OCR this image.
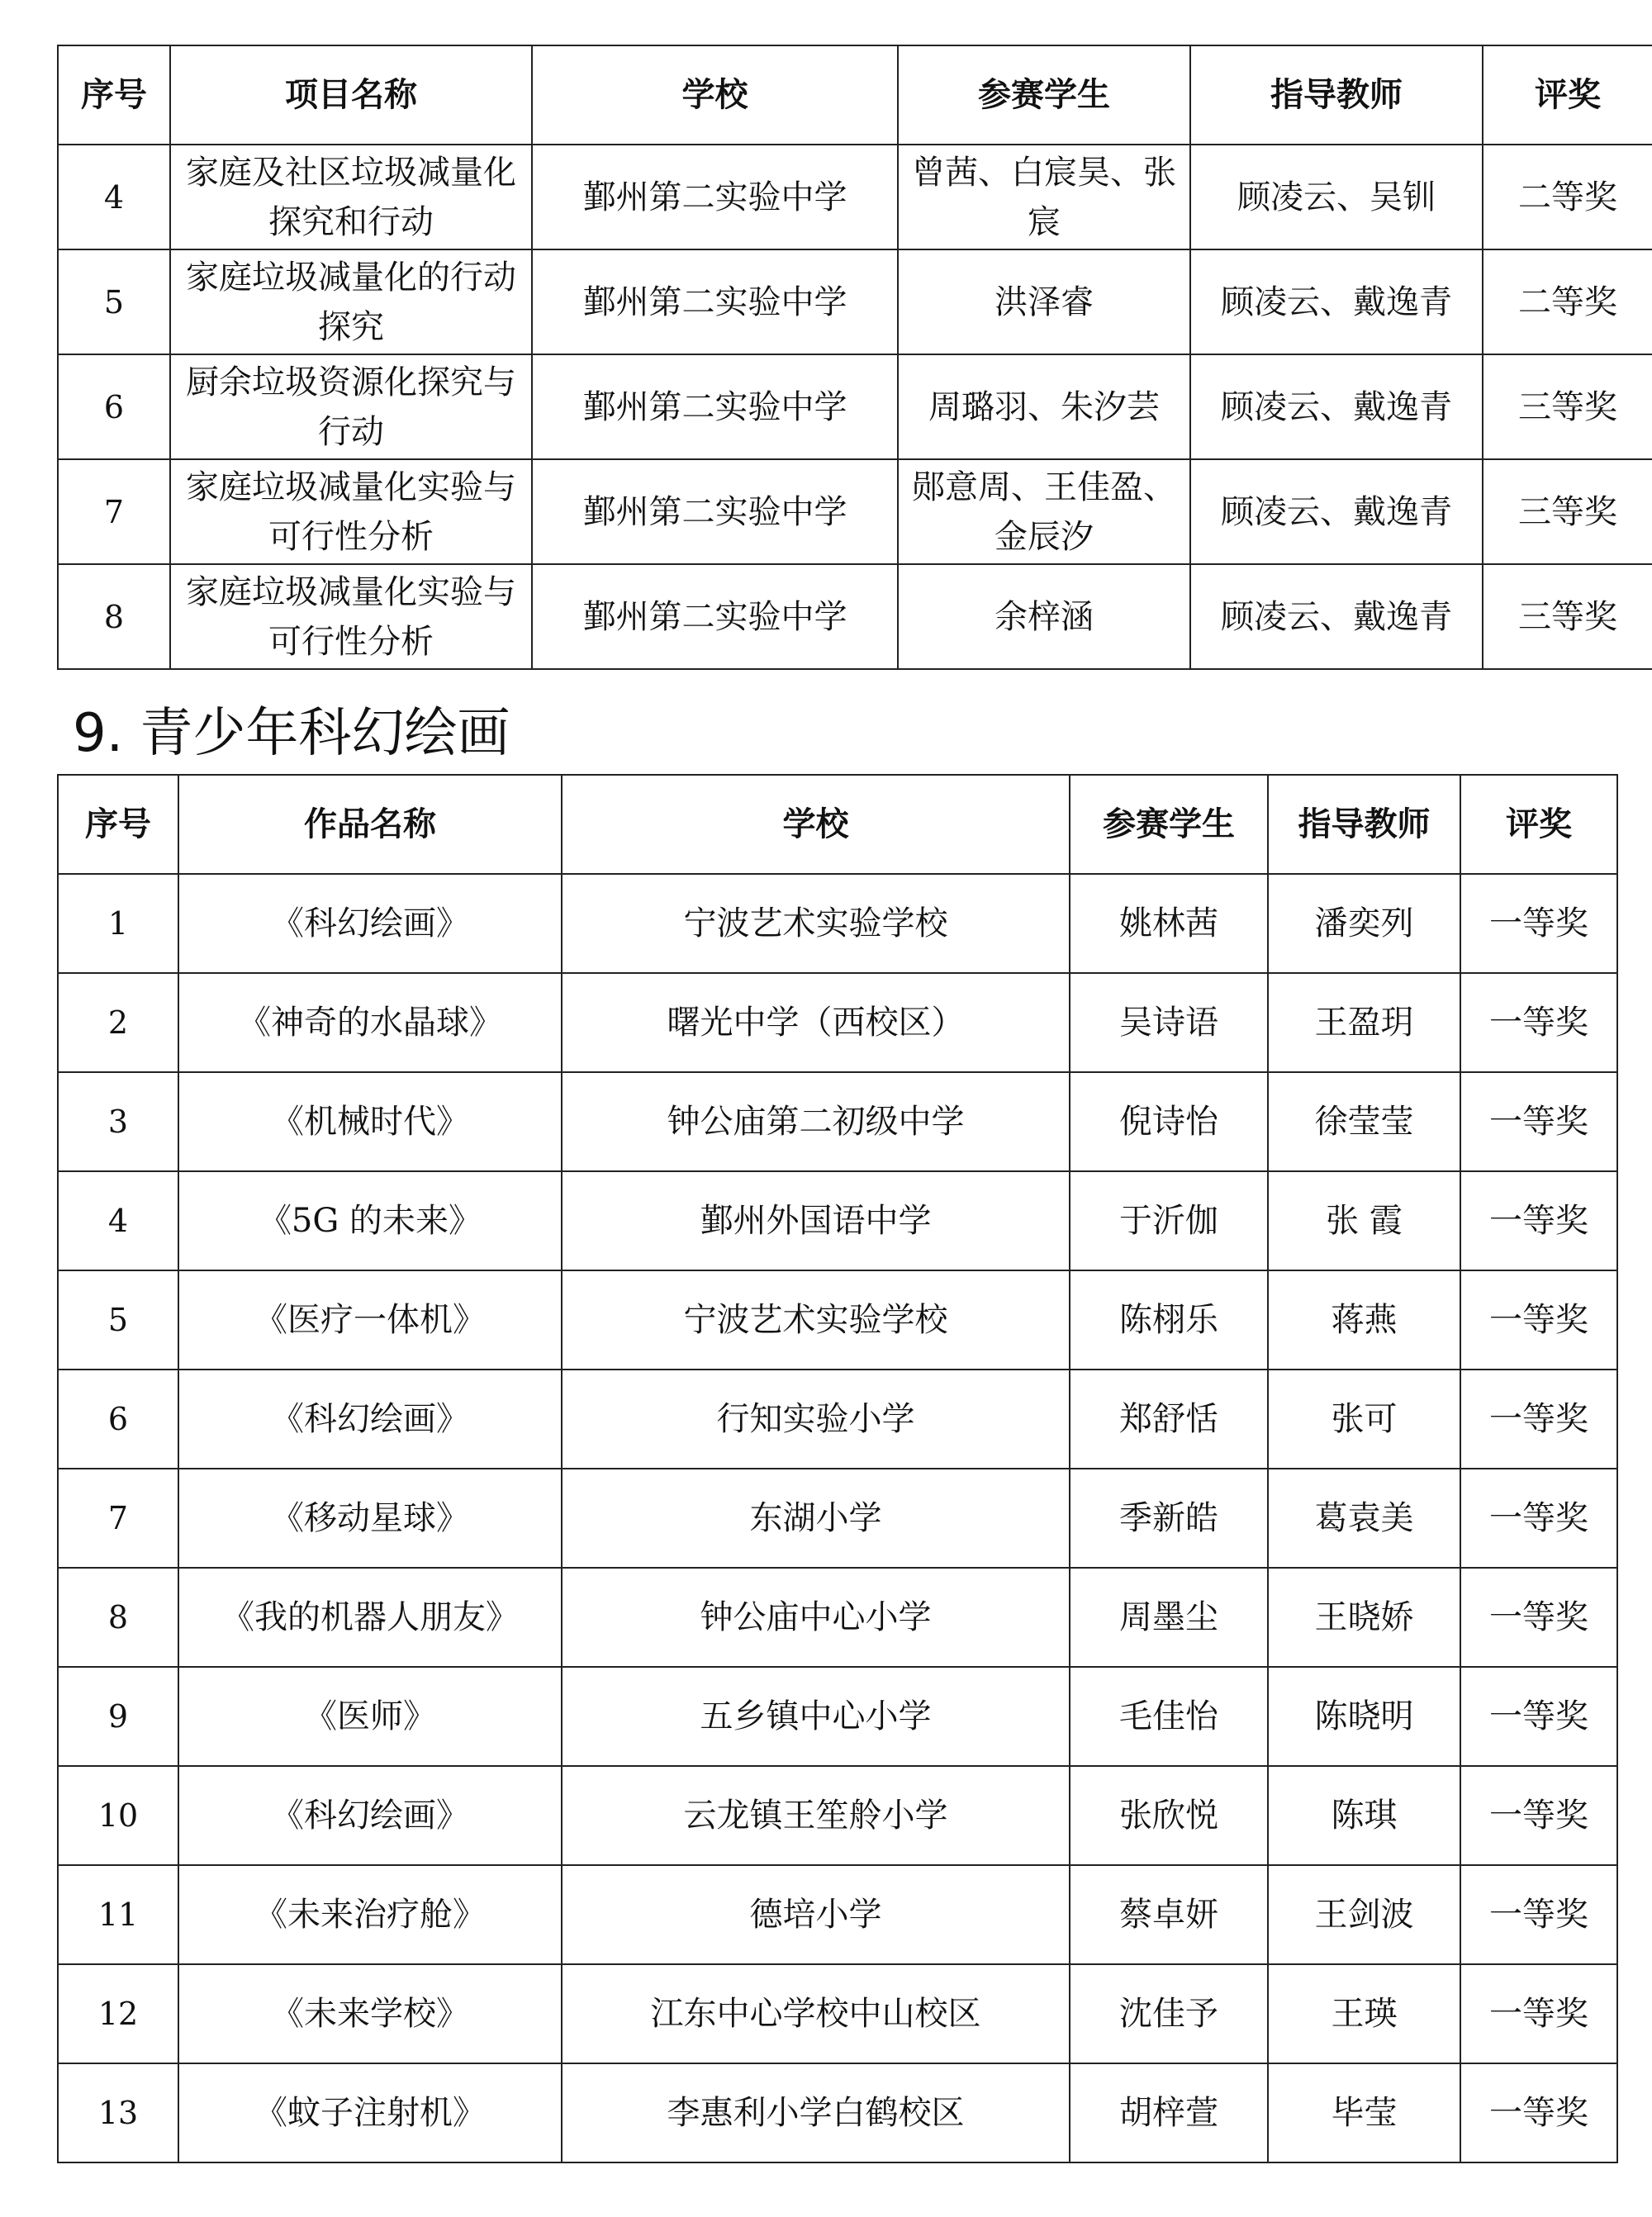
序号	项目名称	学校	参赛学生	指导教师	评奖
4	家庭及社区垃圾减量化探究和行动	鄞州第二实验中学	曾茜、白宸昊、张宸	顾凌云、吴钏	二等奖
5	家庭垃圾减量化的行动探究	鄞州第二实验中学	洪泽睿	顾凌云、戴逸青	二等奖
6	厨余垃圾资源化探究与行动	鄞州第二实验中学	周璐羽、朱汐芸	顾凌云、戴逸青	三等奖
7	家庭垃圾减量化实验与可行性分析	鄞州第二实验中学	郧意周、王佳盈、金辰汐	顾凌云、戴逸青	三等奖
8	家庭垃圾减量化实验与可行性分析	鄞州第二实验中学	余梓涵	顾凌云、戴逸青	三等奖
9. 青少年科幻绘画
序号	作品名称	学校	参赛学生	指导教师	评奖
1	《科幻绘画》	宁波艺术实验学校	姚林茜	潘奕列	一等奖
2	《神奇的水晶球》	曙光中学（西校区）	吴诗语	王盈玥	一等奖
3	《机械时代》	钟公庙第二初级中学	倪诗怡	徐莹莹	一等奖
4	《5G 的未来》	鄞州外国语中学	于沂伽	张 霞	一等奖
5	《医疗一体机》	宁波艺术实验学校	陈栩乐	蒋燕	一等奖
6	《科幻绘画》	行知实验小学	郑舒恬	张可	一等奖
7	《移动星球》	东湖小学	季新皓	葛袁美	一等奖
8	《我的机器人朋友》	钟公庙中心小学	周墨尘	王晓娇	一等奖
9	《医师》	五乡镇中心小学	毛佳怡	陈晓明	一等奖
10	《科幻绘画》	云龙镇王笙舲小学	张欣悦	陈琪	一等奖
11	《未来治疗舱》	德培小学	蔡卓妍	王剑波	一等奖
12	《未来学校》	江东中心学校中山校区	沈佳予	王瑛	一等奖
13	《蚊子注射机》	李惠利小学白鹤校区	胡梓萱	毕莹	一等奖
